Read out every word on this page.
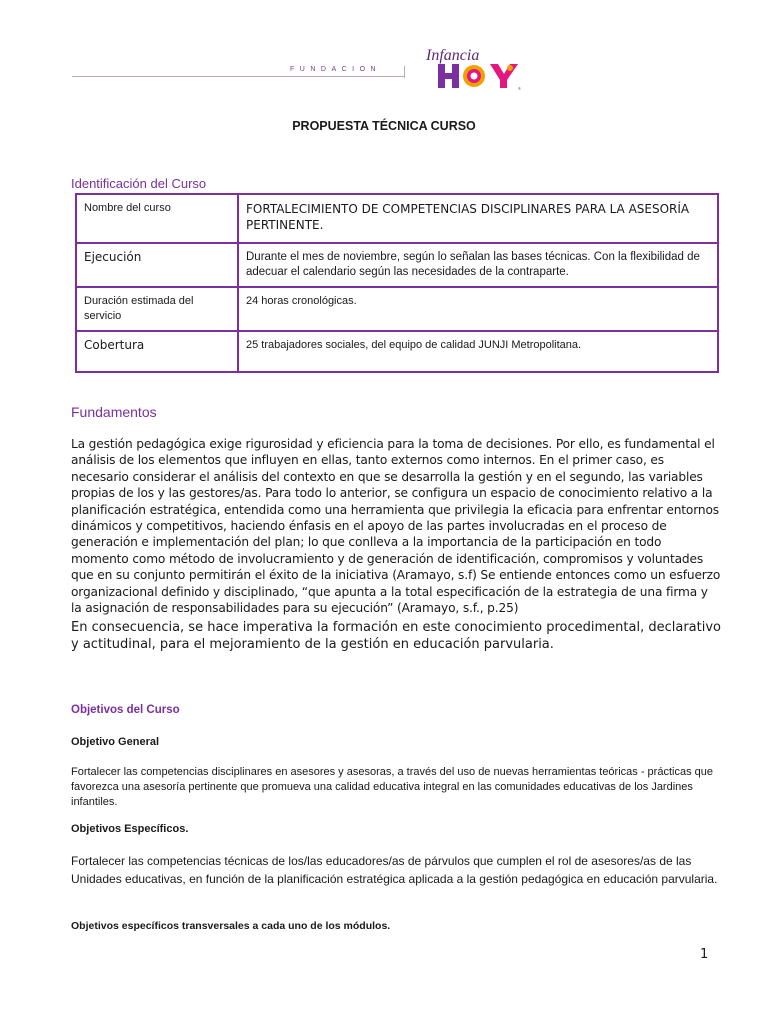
FUNDACION
Infancia
®
PROPUESTA TÉCNICA CURSO
Identificación del Curso
Nombre del curso	FORTALECIMIENTO DE COMPETENCIAS DISCIPLINARES PARA LA ASESORÍA PERTINENTE.
Ejecución	Durante el mes de noviembre, según lo señalan las bases técnicas. Con la flexibilidad de adecuar el calendario según las necesidades de la contraparte.
Duración estimada del servicio	24 horas cronológicas.
Cobertura	25 trabajadores sociales, del equipo de calidad JUNJI Metropolitana.
Fundamentos
La gestión pedagógica exige rigurosidad y eficiencia para la toma de decisiones. Por ello, es fundamental el análisis de los elementos que influyen en ellas, tanto externos como internos. En el primer caso, es necesario considerar el análisis del contexto en que se desarrolla la gestión y en el segundo, las variables propias de los y las gestores/as. Para todo lo anterior, se configura un espacio de conocimiento relativo a la planificación estratégica, entendida como una herramienta que privilegia la eficacia para enfrentar entornos dinámicos y competitivos, haciendo énfasis en el apoyo de las partes involucradas en el proceso de generación e implementación del plan; lo que conlleva a la importancia de la participación en todo momento como método de involucramiento y de generación de identificación, compromisos y voluntades que en su conjunto permitirán el éxito de la iniciativa (Aramayo, s.f) Se entiende entonces como un esfuerzo organizacional definido y disciplinado, “que apunta a la total especificación de la estrategia de una firma y la asignación de responsabilidades para su ejecución” (Aramayo, s.f., p.25)
En consecuencia, se hace imperativa la formación en este conocimiento procedimental, declarativo y actitudinal, para el mejoramiento de la gestión en educación parvularia.
Objetivos del Curso
Objetivo General
Fortalecer las competencias disciplinares en asesores y asesoras, a través del uso de nuevas herramientas teóricas - prácticas que favorezca una asesoría pertinente que promueva una calidad educativa integral en las comunidades educativas de los Jardines infantiles.
Objetivos Específicos.
Fortalecer las competencias técnicas de los/las educadores/as de párvulos que cumplen el rol de asesores/as de las Unidades educativas, en función de la planificación estratégica aplicada a la gestión pedagógica en educación parvularia.
Objetivos específicos transversales a cada uno de los módulos.
1
